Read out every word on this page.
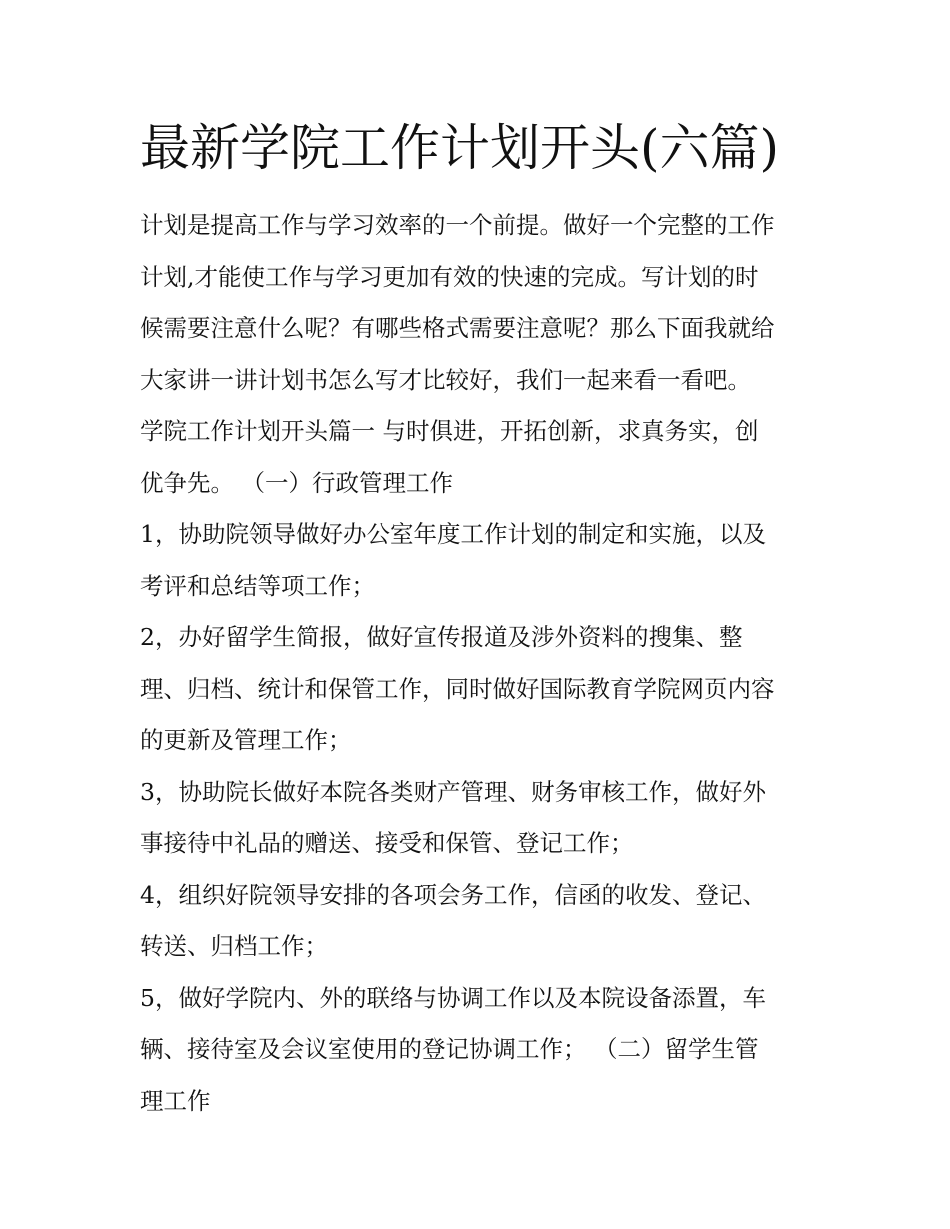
最新学院工作计划开头(六篇)
计划是提高工作与学习效率的一个前提。做好一个完整的工作
计划,才能使工作与学习更加有效的快速的完成。写计划的时
候需要注意什么呢？有哪些格式需要注意呢？那么下面我就给
大家讲一讲计划书怎么写才比较好，我们一起来看一看吧。
学院工作计划开头篇一 与时俱进，开拓创新，求真务实，创
优争先。 （一）行政管理工作
1，协助院领导做好办公室年度工作计划的制定和实施，以及
考评和总结等项工作；
2，办好留学生简报，做好宣传报道及涉外资料的搜集、整
理、归档、统计和保管工作，同时做好国际教育学院网页内容
的更新及管理工作；
3，协助院长做好本院各类财产管理、财务审核工作，做好外
事接待中礼品的赠送、接受和保管、登记工作；
4，组织好院领导安排的各项会务工作，信函的收发、登记、
转送、归档工作；
5，做好学院内、外的联络与协调工作以及本院设备添置，车
辆、接待室及会议室使用的登记协调工作； （二）留学生管
理工作
